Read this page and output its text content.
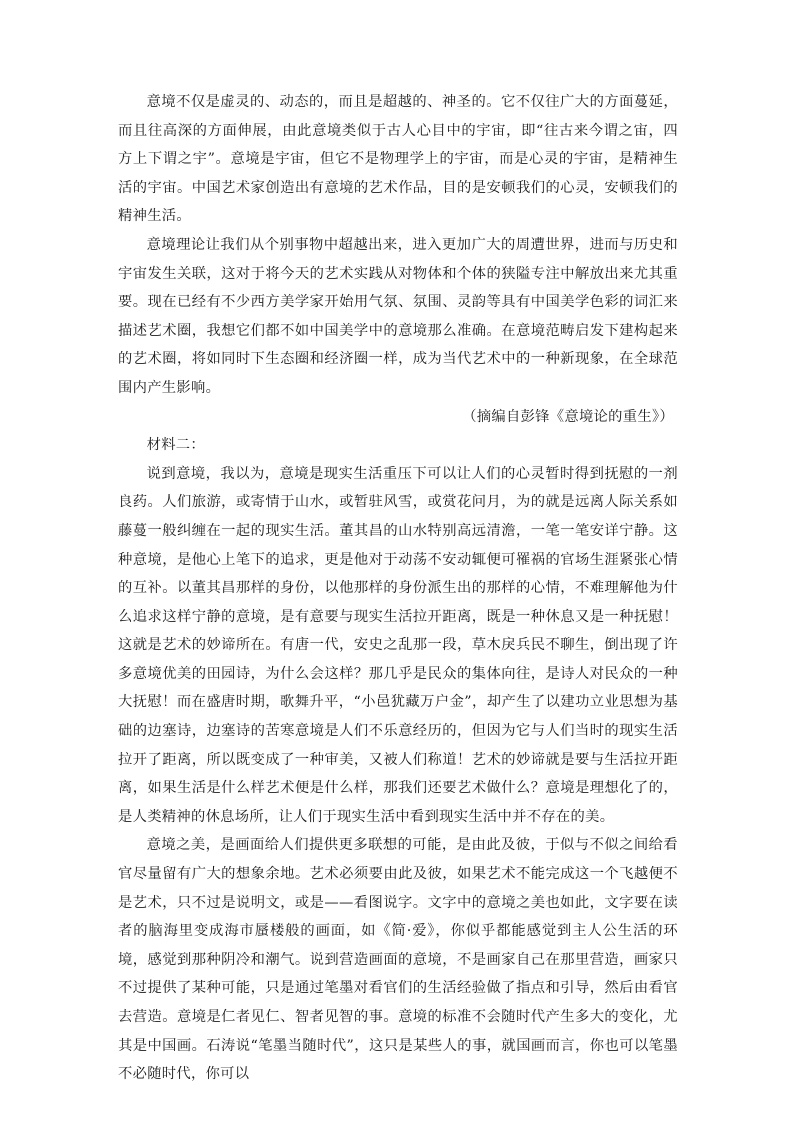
意境不仅是虚灵的、动态的，而且是超越的、神圣的。它不仅往广大的方面蔓延，而且往高深的方面伸展，由此意境类似于古人心目中的宇宙，即“往古来今谓之宙，四方上下谓之宇”。意境是宇宙，但它不是物理学上的宇宙，而是心灵的宇宙，是精神生活的宇宙。中国艺术家创造出有意境的艺术作品，目的是安顿我们的心灵，安顿我们的精神生活。

意境理论让我们从个别事物中超越出来，进入更加广大的周遭世界，进而与历史和宇宙发生关联，这对于将今天的艺术实践从对物体和个体的狭隘专注中解放出来尤其重要。现在已经有不少西方美学家开始用气氛、氛围、灵韵等具有中国美学色彩的词汇来描述艺术圈，我想它们都不如中国美学中的意境那么准确。在意境范畴启发下建构起来的艺术圈，将如同时下生态圈和经济圈一样，成为当代艺术中的一种新现象，在全球范围内产生影响。

（摘编自彭锋《意境论的重生》）

材料二：

说到意境，我以为，意境是现实生活重压下可以让人们的心灵暂时得到抚慰的一剂良药。人们旅游，或寄情于山水，或暂驻风雪，或赏花问月，为的就是远离人际关系如藤蔓一般纠缠在一起的现实生活。董其昌的山水特别高远清澹，一笔一笔安详宁静。这种意境，是他心上笔下的追求，更是他对于动荡不安动辄便可罹祸的官场生涯紧张心情的互补。以董其昌那样的身份，以他那样的身份派生出的那样的心情，不难理解他为什么追求这样宁静的意境，是有意要与现实生活拉开距离，既是一种休息又是一种抚慰！这就是艺术的妙谛所在。有唐一代，安史之乱那一段，草木戾兵民不聊生，倒出现了许多意境优美的田园诗，为什么会这样？那几乎是民众的集体向往，是诗人对民众的一种大抚慰！而在盛唐时期，歌舞升平，“小邑犹藏万户金”，却产生了以建功立业思想为基础的边塞诗，边塞诗的苦寒意境是人们不乐意经历的，但因为它与人们当时的现实生活拉开了距离，所以既变成了一种审美，又被人们称道！艺术的妙谛就是要与生活拉开距离，如果生活是什么样艺术便是什么样，那我们还要艺术做什么？意境是理想化了的，是人类精神的休息场所，让人们于现实生活中看到现实生活中并不存在的美。

意境之美，是画面给人们提供更多联想的可能，是由此及彼，于似与不似之间给看官尽量留有广大的想象余地。艺术必须要由此及彼，如果艺术不能完成这一个飞越便不是艺术，只不过是说明文，或是——看图说字。文字中的意境之美也如此，文字要在读者的脑海里变成海市蜃楼般的画面，如《简·爱》，你似乎都能感觉到主人公生活的环境，感觉到那种阴冷和潮气。说到营造画面的意境，不是画家自己在那里营造，画家只不过提供了某种可能，只是通过笔墨对看官们的生活经验做了指点和引导，然后由看官去营造。意境是仁者见仁、智者见智的事。意境的标准不会随时代产生多大的变化，尤其是中国画。石涛说“笔墨当随时代”，这只是某些人的事，就国画而言，你也可以笔墨不必随时代，你可以
